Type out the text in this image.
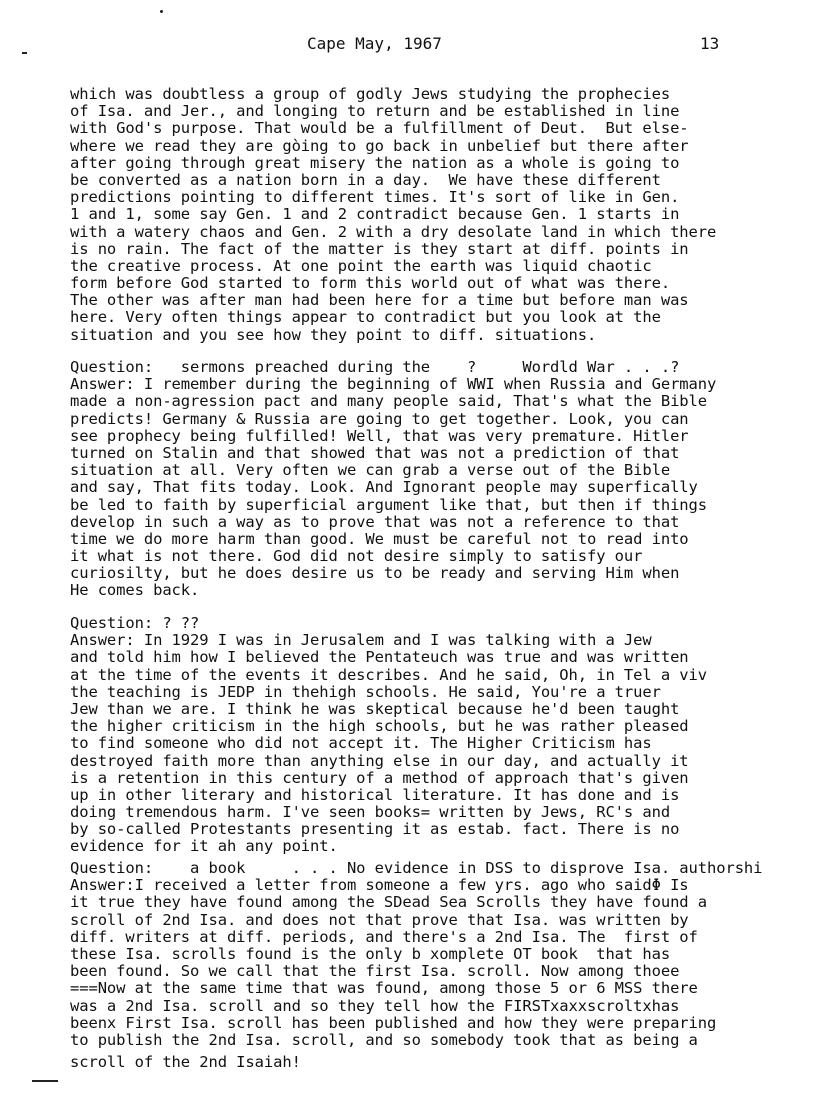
Cape May, 1967	13
which was doubtless a group of godly Jews studying the prophecies
of Isa. and Jer., and longing to return and be established in line
with God's purpose. That would be a fulfillment of Deut.  But else-
where we read they are gòing to go back in unbelief but there after
after going through great misery the nation as a whole is going to
be converted as a nation born in a day.  We have these different
predictions pointing to different times. It's sort of like in Gen.
1 and 1, some say Gen. 1 and 2 contradict because Gen. 1 starts in
with a watery chaos and Gen. 2 with a dry desolate land in which there
is no rain. The fact of the matter is they start at diff. points in
the creative process. At one point the earth was liquid chaotic
form before God started to form this world out of what was there.
The other was after man had been here for a time but before man was
here. Very often things appear to contradict but you look at the
situation and you see how they point to diff. situations.
Question:   sermons preached during the    ?     Wordld War . . .?
Answer: I remember during the beginning of WWI when Russia and Germany
made a non-agression pact and many people said, That's what the Bible
predicts! Germany & Russia are going to get together. Look, you can
see prophecy being fulfilled! Well, that was very premature. Hitler
turned on Stalin and that showed that was not a prediction of that
situation at all. Very often we can grab a verse out of the Bible
and say, That fits today. Look. And Ignorant people may superfically
be led to faith by superficial argument like that, but then if things
develop in such a way as to prove that was not a reference to that
time we do more harm than good. We must be careful not to read into
it what is not there. God did not desire simply to satisfy our
curiosilty, but he does desire us to be ready and serving Him when
He comes back.
Question: ? ??
Answer: In 1929 I was in Jerusalem and I was talking with a Jew
and told him how I believed the Pentateuch was true and was written
at the time of the events it describes. And he said, Oh, in Tel a viv
the teaching is JEDP in thehigh schools. He said, You're a truer
Jew than we are. I think he was skeptical because he'd been taught
the higher criticism in the high schools, but he was rather pleased
to find someone who did not accept it. The Higher Criticism has
destroyed faith more than anything else in our day, and actually it
is a retention in this century of a method of approach that's given
up in other literary and historical literature. It has done and is
doing tremendous harm. I've seen books= written by Jews, RC's and
by so-called Protestants presenting it as estab. fact. There is no
evidence for it ah any point.
Question:    a book     . . . No evidence in DSS to disprove Isa. authorshi
Answer:I received a letter from someone a few yrs. ago who saidΦ Is
it true they have found among the SDead Sea Scrolls they have found a
scroll of 2nd Isa. and does not that prove that Isa. was written by
diff. writers at diff. periods, and there's a 2nd Isa. The  first of
these Isa. scrolls found is the only b xomplete OT book  that has
been found. So we call that the first Isa. scroll. Now among thoee
===Now at the same time that was found, among those 5 or 6 MSS there
was a 2nd Isa. scroll and so they tell how the FIRSTxaxxscroltxhas
beenx First Isa. scroll has been published and how they were preparing
to publish the 2nd Isa. scroll, and so somebody took that as being a
scroll of the 2nd Isaiah!
